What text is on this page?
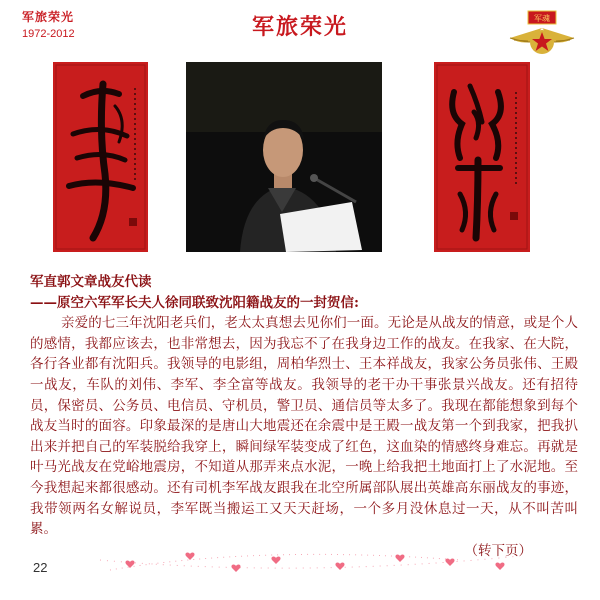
军旅荣光
1972-2012	军旅荣光	军魂

军直郭文章战友代读

——原空六军军长夫人徐同联致沈阳籍战友的一封贺信:

亲爱的七三年沈阳老兵们，老太太真想去见你们一面。无论是从战友的情意，或是个人的感情，我都应该去，也非常想去，因为我忘不了在我身边工作的战友。在我家、在大院，各行各业都有沈阳兵。我领导的电影组，周柏华烈士、王本祥战友，我家公务员张伟、王殿一战友，车队的刘伟、李军、李全富等战友。我领导的老干办干事张景兴战友。还有招待员，保密员、公务员、电信员、守机员，警卫员、通信员等太多了。我现在都能想象到每个战友当时的面容。印象最深的是唐山大地震还在余震中是王殿一战友第一个到我家，把我扒出来并把自己的军装脱给我穿上，瞬间绿军装变成了红色，这血染的情感终身难忘。再就是叶马光战友在党峪地震房，不知道从那弄来点水泥，一晚上给我把土地面打上了水泥地。至今我想起来都很感动。还有司机李军战友跟我在北空所属部队展出英雄高东丽战友的事迹，我带领两名女解说员，李军既当搬运工又天天赶场，一个多月没休息过一天，从不叫苦叫累。

（转下页）

22
